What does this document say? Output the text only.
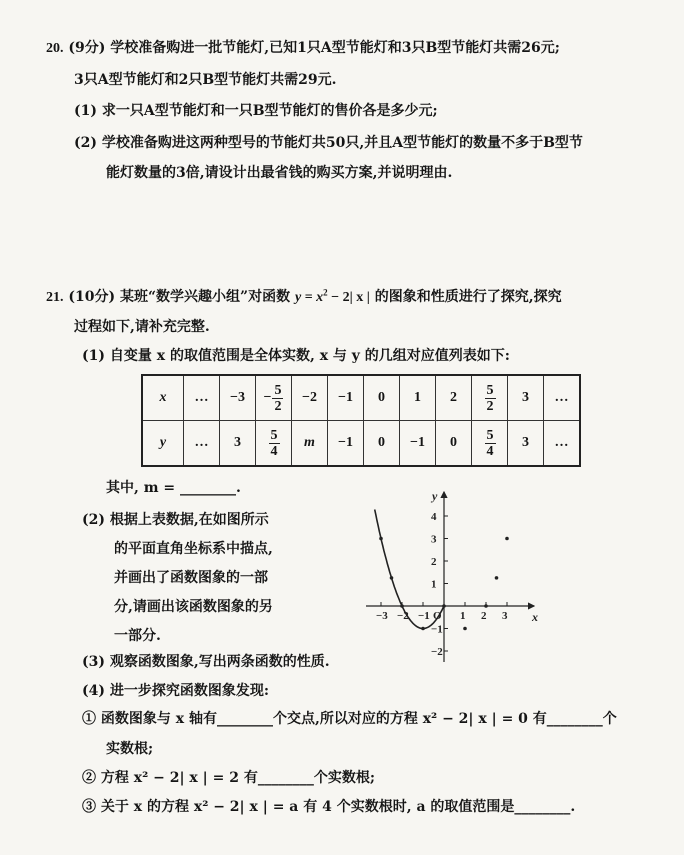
20. (9分) 学校准备购进一批节能灯,已知1只A型节能灯和3只B型节能灯共需26元;
3只A型节能灯和2只B型节能灯共需29元.
(1) 求一只A型节能灯和一只B型节能灯的售价各是多少元;
(2) 学校准备购进这两种型号的节能灯共50只,并且A型节能灯的数量不多于B型节
能灯数量的3倍,请设计出最省钱的购买方案,并说明理由.
21. (10分) 某班“数学兴趣小组”对函数 $y = x^2 - 2|$ x | 的图象和性质进行了探究,探究
过程如下,请补充完整.
(1) 自变量 x 的取值范围是全体实数, x 与 y 的几组对应值列表如下:
x	…	−3	− $\frac{5}{2}$	−2	−1	0	1	2	$\frac{5}{2}$	3	…
y	…	3	$\frac{5}{4}$	m	−1	0	−1	0	$\frac{5}{4}$	3	…
其中, m = ________.
(2) 根据上表数据,在如图所示
的平面直角坐标系中描点,
并画出了函数图象的一部
分,请画出该函数图象的另
一部分.
−3 −2 −1	1 2 3
4
3
2
1
−1
−2
x
y
O
(3) 观察函数图象,写出两条函数的性质.
(4) 进一步探究函数图象发现:
① 函数图象与 x 轴有________个交点,所以对应的方程 x² − 2| x | = 0 有________个
实数根;
② 方程 x² − 2| x | = 2 有________个实数根;
③ 关于 x 的方程 x² − 2| x | = a 有 4 个实数根时, a 的取值范围是________.
